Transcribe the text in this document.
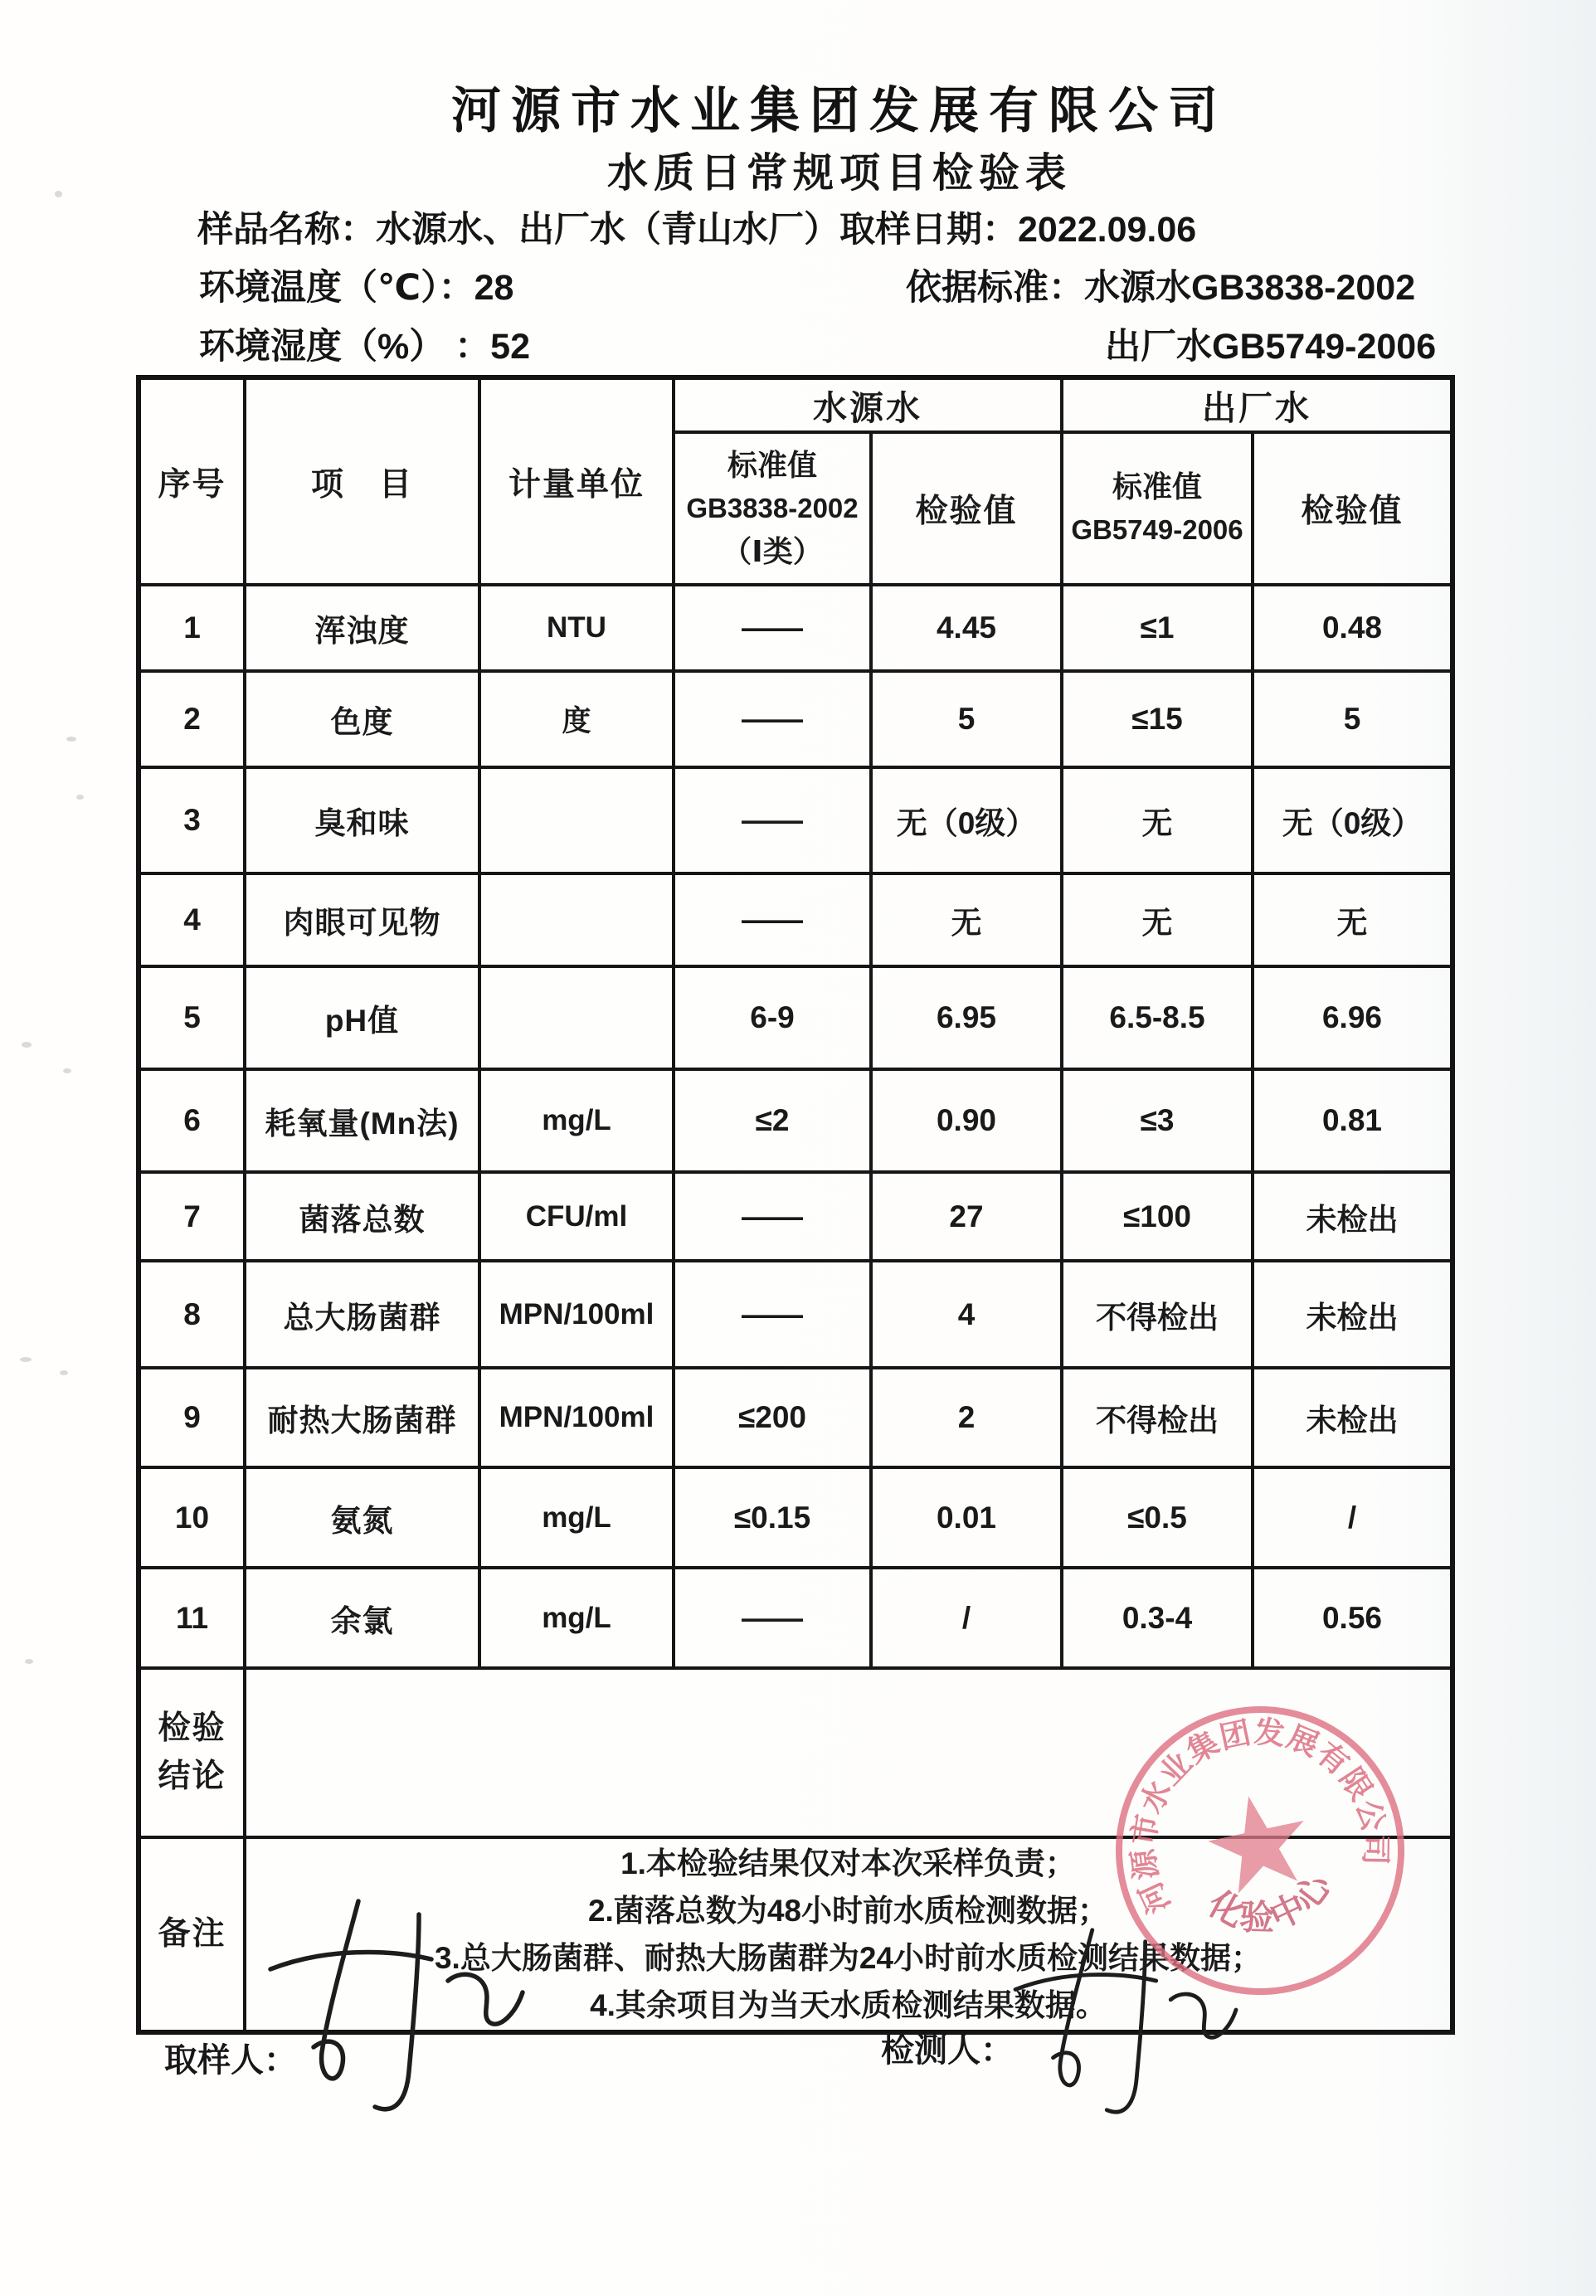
河源市水业集团发展有限公司
水质日常规项目检验表
样品名称：水源水、出厂水（青山水厂）取样日期：2022.09.06
环境温度（℃）：28	依据标准：水源水GB3838-2002
环境湿度（%） ：52	出厂水GB5749-2006
序号	项　目	计量单位	水源水		出厂水	

标准值
GB3838-2002
（Ⅰ类）
	检验值	
标准值
GB5749-2006
	检验值
1	浑浊度	NTU	——	4.45	≤1	0.48
2	色度	度	——	5	≤15	5
3	臭和味		——	无（0级）	无	无（0级）
4	肉眼可见物		——	无	无	无
5	pH值		6-9	6.95	6.5-8.5	6.96
6	耗氧量(Mn法)	mg/L	≤2	0.90	≤3	0.81
7	菌落总数	CFU/ml	——	27	≤100	未检出
8	总大肠菌群	MPN/100ml	——	4	不得检出	未检出
9	耐热大肠菌群	MPN/100ml	≤200	2	不得检出	未检出
10	氨氮	mg/L	≤0.15	0.01	≤0.5	/
11	余氯	mg/L	——	/	0.3-4	0.56

检验
结论						

备注	1.本检验结果仅对本次采样负责；
2.菌落总数为48小时前水质检测数据；
3.总大肠菌群、耐热大肠菌群为24小时前水质检测结果数据；
4.其余项目为当天水质检测结果数据。					
河源市水业集团发展有限公司
化验中心
取样人：	检测人：
